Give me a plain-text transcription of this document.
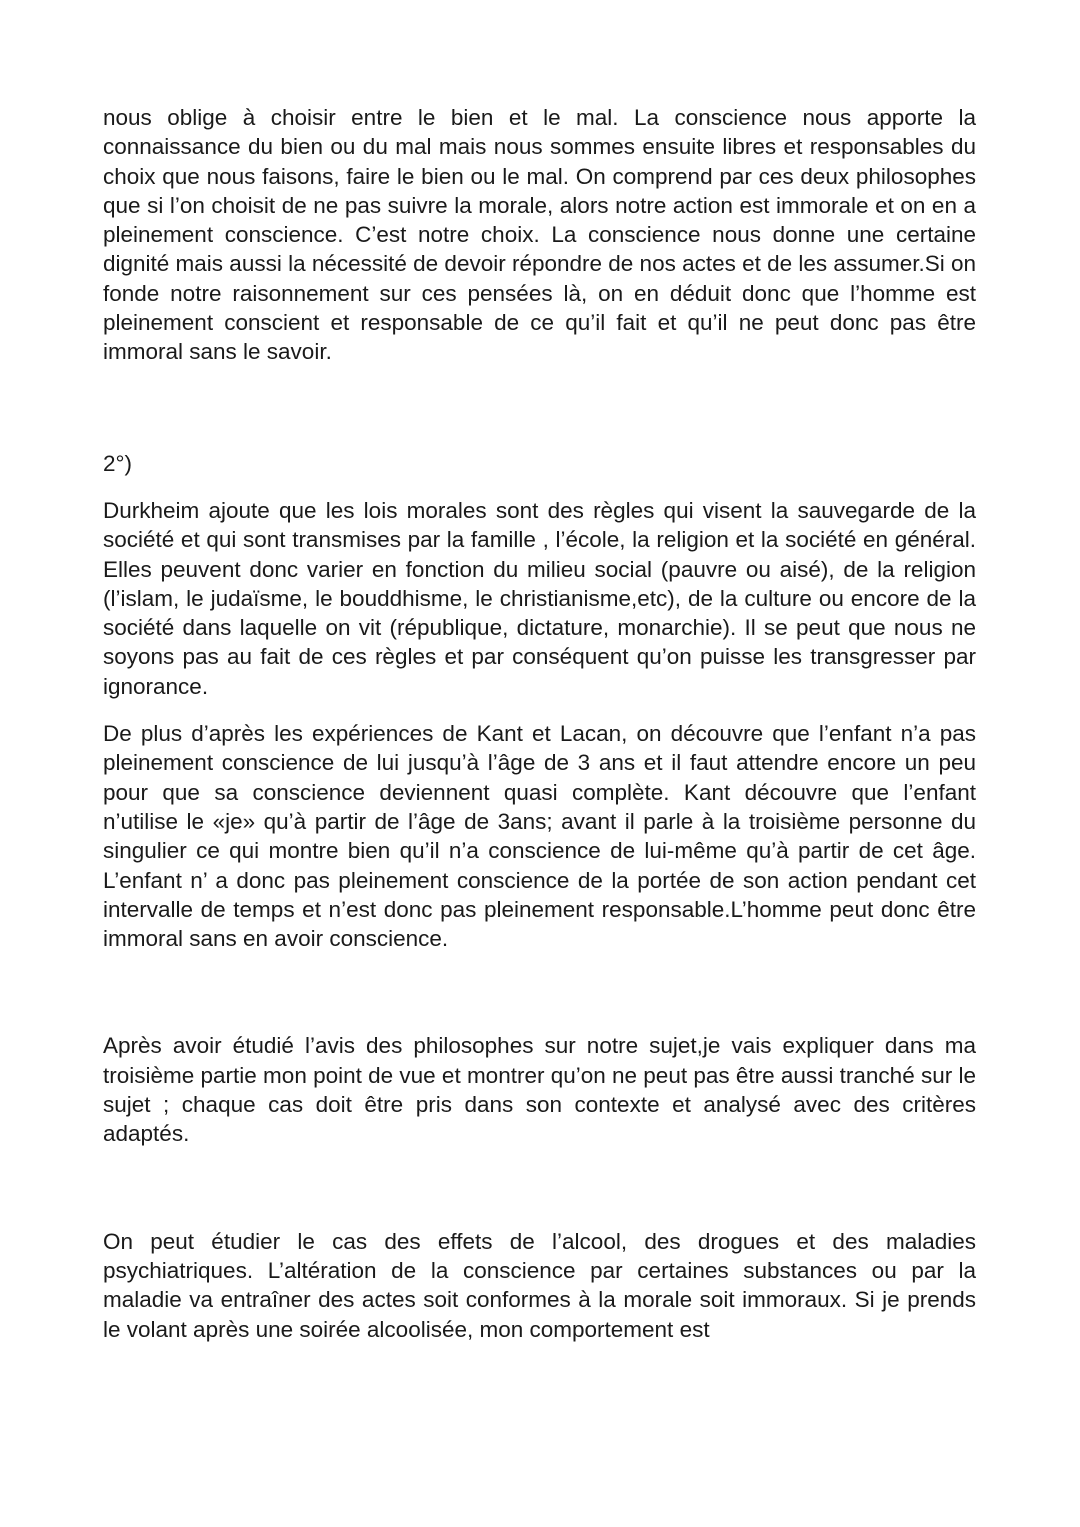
nous oblige à choisir entre le bien et le mal. La conscience nous apporte la connaissance du bien ou du mal mais nous sommes ensuite libres et responsables du choix que nous faisons, faire le bien ou le mal. On comprend par ces deux philosophes que si l’on choisit de ne pas suivre la morale, alors notre action est immorale et on en a pleinement conscience. C’est notre choix. La conscience nous donne une certaine dignité mais aussi la nécessité de devoir répondre de nos actes et de les assumer.Si on fonde notre raisonnement sur ces pensées là, on en déduit donc que l’homme est pleinement conscient et responsable de ce qu’il fait et qu’il ne peut donc pas être immoral sans le savoir.

2°)

Durkheim ajoute que les lois morales sont des règles qui visent la sauvegarde de la société et qui sont transmises par la famille , l’école, la religion et la société en général. Elles peuvent donc varier en fonction du milieu social (pauvre ou aisé), de la religion (l’islam, le judaïsme, le bouddhisme, le christianisme,etc), de la culture ou encore de la société dans laquelle on vit (république, dictature, monarchie). Il se peut que nous ne soyons pas au fait de ces règles et par conséquent qu’on puisse les transgresser par ignorance.

De plus d’après les expériences de Kant et Lacan, on découvre que l’enfant n’a pas pleinement conscience de lui jusqu’à l’âge de 3 ans et il faut attendre encore un peu pour que sa conscience deviennent quasi complète. Kant découvre que l’enfant n’utilise le «je» qu’à partir de l’âge de 3ans; avant il parle à la troisième personne du singulier ce qui montre bien qu’il n’a conscience de lui-même qu’à partir de cet âge. L’enfant n’ a donc pas pleinement conscience de la portée de son action pendant cet intervalle de temps et n’est donc pas pleinement responsable.L’homme peut donc être immoral sans en avoir conscience.

Après avoir étudié l’avis des philosophes sur notre sujet,je vais expliquer dans ma troisième partie mon point de vue et montrer qu’on ne peut pas être aussi tranché sur le sujet ; chaque cas doit être pris dans son contexte et analysé avec des critères adaptés.

On peut étudier le cas des effets de l’alcool, des drogues et des maladies psychiatriques. L’altération de la conscience par certaines substances ou par la maladie va entraîner des actes soit conformes à la morale soit immoraux. Si je prends le volant après une soirée alcoolisée, mon comportement est
